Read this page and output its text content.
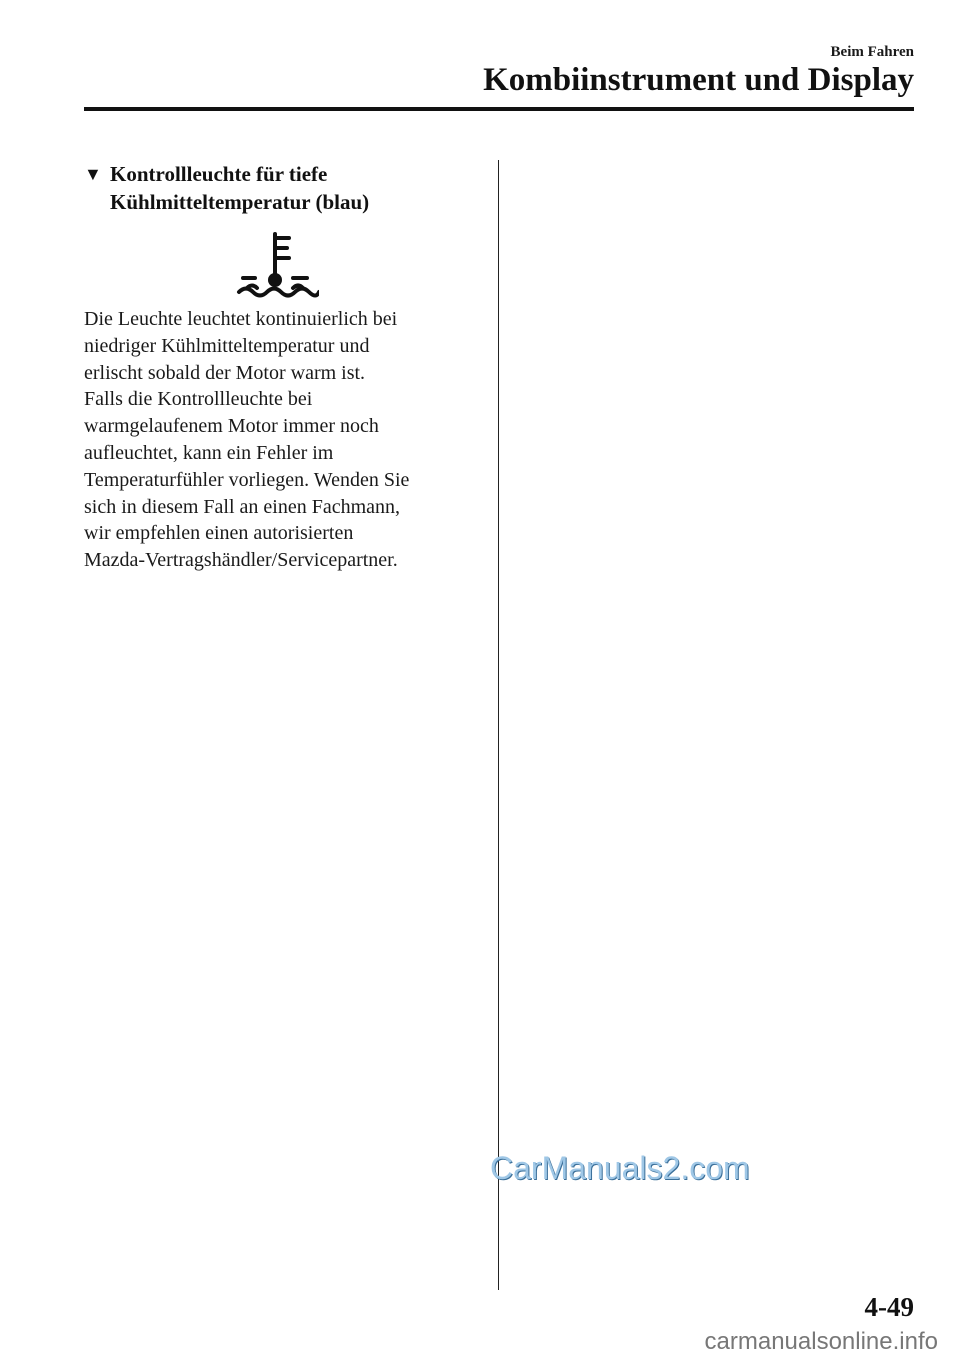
Beim Fahren
Kombiinstrument und Display
▼ Kontrollleuchte für tiefe
Kühlmitteltemperatur (blau)
Die Leuchte leuchtet kontinuierlich bei
niedriger Kühlmitteltemperatur und
erlischt sobald der Motor warm ist.
Falls die Kontrollleuchte bei
warmgelaufenem Motor immer noch
aufleuchtet, kann ein Fehler im
Temperaturfühler vorliegen. Wenden Sie
sich in diesem Fall an einen Fachmann,
wir empfehlen einen autorisierten
Mazda-Vertragshändler/Servicepartner.
CarManuals2.com
4-49
carmanualsonline.info
